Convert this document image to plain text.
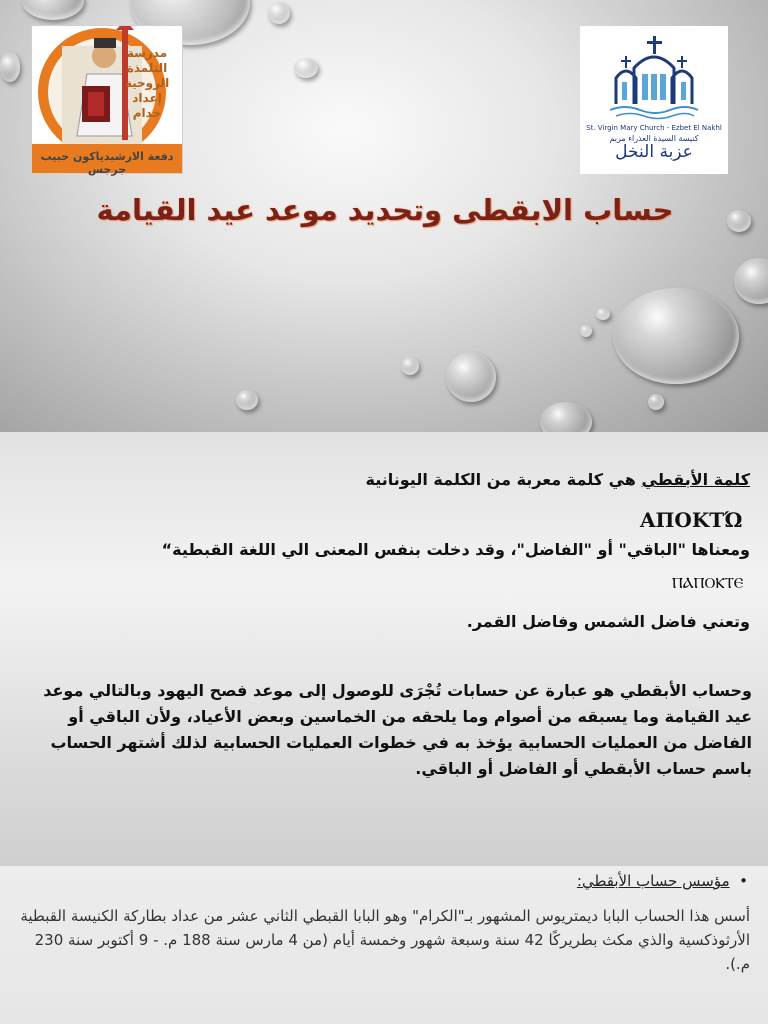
مدرسة التلمذة الروحية إعداد خدام
دفعة الارشيدياكون حبيب جرجس
St. Virgin Mary Church - Ezbet El Nakhl
كنيسة السيدة العذراء مريم
عزبة النخل
حساب الابقطى وتحديد موعد عيد القيامة
كلمة الأبقطي هي كلمة معربة من الكلمة اليونانية
ΑΠΟΚΤΏ
ومعناها "الباقي" أو "الفاضل"، وقد دخلت بنفس المعنى الي اللغة القبطية“
ⲠⲀⲠⲞⲔⲦⲈ
وتعني فاضل الشمس وفاضل القمر.
وحساب الأبقطي هو عبارة عن حسابات تُجْرَى للوصول إلى موعد فصح اليهود وبالتالي موعد عيد القيامة وما يسبقه من أصوام وما يلحقه من الخماسين وبعض الأعياد، ولأن الباقي أو الفاضل من العمليات الحسابية يؤخذ به في خطوات العمليات الحسابية لذلك أشتهر الحساب باسم حساب الأبقطي أو الفاضل أو الباقي.
•  مؤسس حساب الأبقطي:
أسس هذا الحساب البابا ديمتريوس المشهور بـ"الكرام" وهو البابا القبطي الثاني عشر من عداد بطاركة الكنيسة القبطية الأرثوذكسية والذي مكث بطريركًا 42 سنة وسبعة شهور وخمسة أيام (من 4 مارس سنة 188 م. - 9 أكتوبر سنة 230 م.).
